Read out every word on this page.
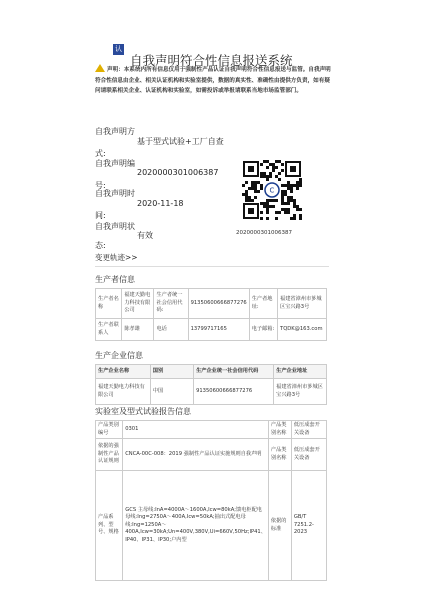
认
自我声明符合性信息报送系统
声明：本系统内所有信息仅用于强制性产品认证自我声明符合性信息报送与监管。自我声明符合性信息由企业、相关认证机构和实验室提供，数据的真实性、准确性由提供方负责，如有疑问请联系相关企业、认证机构和实验室，如需投诉或举报请联系当地市场监管部门。
自我声明方
式:
基于型式试验+工厂自查
自我声明编
号:
2020000301006387
自我声明时
间:
2020-11-18
自我声明状
态:
有效
C
2020000301006387
变更轨迹>>
生产者信息
生产者名称	福建天勤电力科技有限公司	生产者统一社会信用代码:	91350600666877276	生产者地址:	福建省漳州市芗城区宝兴路3号
生产者联系人	陈孝雄	电话	13799717165	电子邮箱:	TQDK@163.com
生产企业信息
生产企业名称	国别	生产企业统一社会信用代码	生产企业地址
福建天勤电力科技有限公司	中国	91350600666877276	福建省漳州市芗城区宝兴路3号
实验室及型式试验报告信息
产品类别编号	0301	产品类别名称	低压成套开关设备
依据的强制性产品认证规则	CNCA-00C-008：2019 强制性产品认证实施规则自我声明	产品类别名称	低压成套开关设备
产品系列、型号、规格	GCS 主母线:InA=4000A～1600A,Icw=80kA;馈电柜配电母线:Ing=2750A～400A,Icw=50kA;抽出式配电母线:Ing=1250A～400A,Icw=30kA;Un=400V,380V,Ui=660V,50Hz;IP41、IP40、IP31、IP30;户内型	依据的标准	GB/T 7251.2-2023
